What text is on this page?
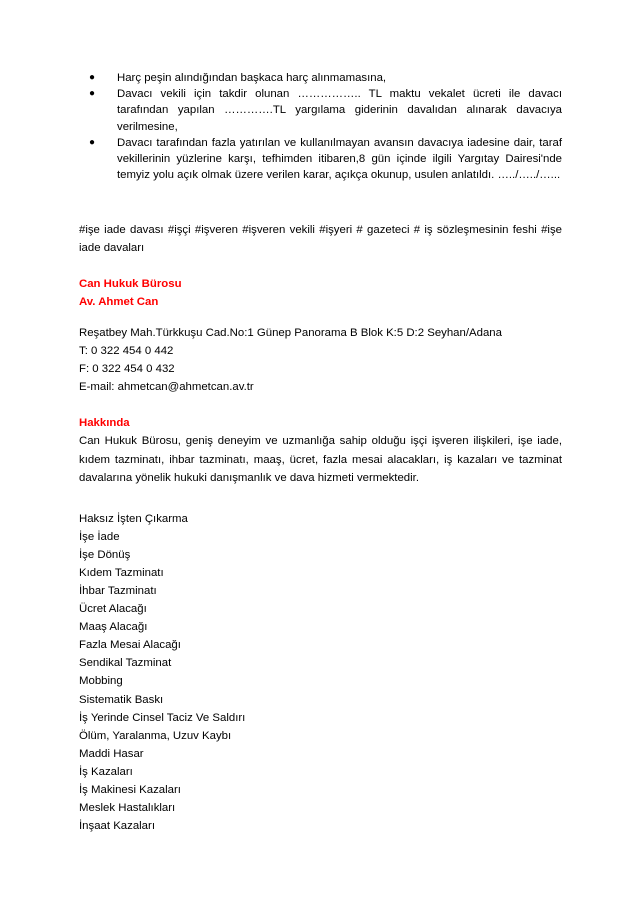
● Harç peşin alındığından başkaca harç alınmamasına,
● Davacı vekili için takdir olunan …………….. TL maktu vekalet ücreti ile davacı tarafından yapılan ………….TL yargılama giderinin davalıdan alınarak davacıya verilmesine,
● Davacı tarafından fazla yatırılan ve kullanılmayan avansın davacıya iadesine dair, taraf vekillerinin yüzlerine karşı, tefhimden itibaren,8 gün içinde ilgili Yargıtay Dairesi'nde temyiz yolu açık olmak üzere verilen karar, açıkça okunup, usulen anlatıldı. …../…../…...
#işe iade davası #işçi #işveren #işveren vekili #işyeri # gazeteci # iş sözleşmesinin feshi #işe iade davaları
Can Hukuk Bürosu
Av. Ahmet Can
Reşatbey Mah.Türkkuşu Cad.No:1 Günep Panorama B Blok K:5 D:2 Seyhan/Adana
T: 0 322 454 0 442
F: 0 322 454 0 432
E-mail: ahmetcan@ahmetcan.av.tr
Hakkında
Can Hukuk Bürosu, geniş deneyim ve uzmanlığa sahip olduğu işçi işveren ilişkileri, işe iade, kıdem tazminatı, ihbar tazminatı, maaş, ücret, fazla mesai alacakları, iş kazaları ve tazminat davalarına yönelik hukuki danışmanlık ve dava hizmeti vermektedir.
Haksız İşten Çıkarma
İşe İade
İşe Dönüş
Kıdem Tazminatı
İhbar Tazminatı
Ücret Alacağı
Maaş Alacağı
Fazla Mesai Alacağı
Sendikal Tazminat
Mobbing
Sistematik Baskı
İş Yerinde Cinsel Taciz Ve Saldırı
Ölüm, Yaralanma, Uzuv Kaybı
Maddi Hasar
İş Kazaları
İş Makinesi Kazaları
Meslek Hastalıkları
İnşaat Kazaları
